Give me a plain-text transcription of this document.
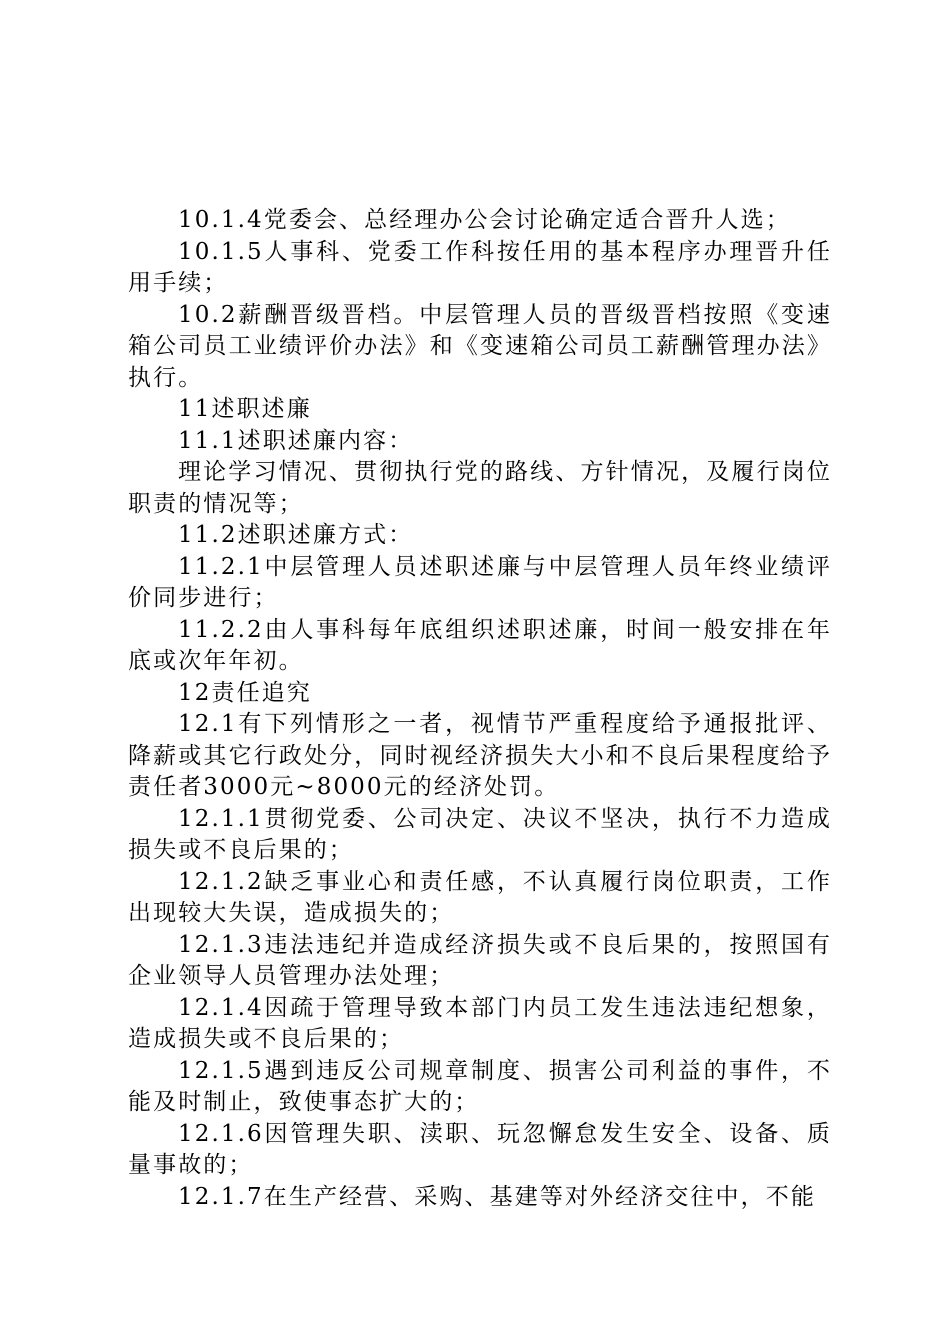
10.1.4党委会、总经理办公会讨论确定适合晋升人选；

10.1.5人事科、党委工作科按任用的基本程序办理晋升任用手续；

10.2薪酬晋级晋档。中层管理人员的晋级晋档按照《变速箱公司员工业绩评价办法》和《变速箱公司员工薪酬管理办法》执行。

11述职述廉

11.1述职述廉内容：

理论学习情况、贯彻执行党的路线、方针情况，及履行岗位职责的情况等；

11.2述职述廉方式：

11.2.1中层管理人员述职述廉与中层管理人员年终业绩评价同步进行；

11.2.2由人事科每年底组织述职述廉，时间一般安排在年底或次年年初。

12责任追究

12.1有下列情形之一者，视情节严重程度给予通报批评、降薪或其它行政处分，同时视经济损失大小和不良后果程度给予责任者3000元~8000元的经济处罚。

12.1.1贯彻党委、公司决定、决议不坚决，执行不力造成损失或不良后果的；

12.1.2缺乏事业心和责任感，不认真履行岗位职责，工作出现较大失误，造成损失的；

12.1.3违法违纪并造成经济损失或不良后果的，按照国有企业领导人员管理办法处理；

12.1.4因疏于管理导致本部门内员工发生违法违纪想象，造成损失或不良后果的；

12.1.5遇到违反公司规章制度、损害公司利益的事件，不能及时制止，致使事态扩大的；

12.1.6因管理失职、渎职、玩忽懈怠发生安全、设备、质量事故的；

12.1.7在生产经营、采购、基建等对外经济交往中，不能
